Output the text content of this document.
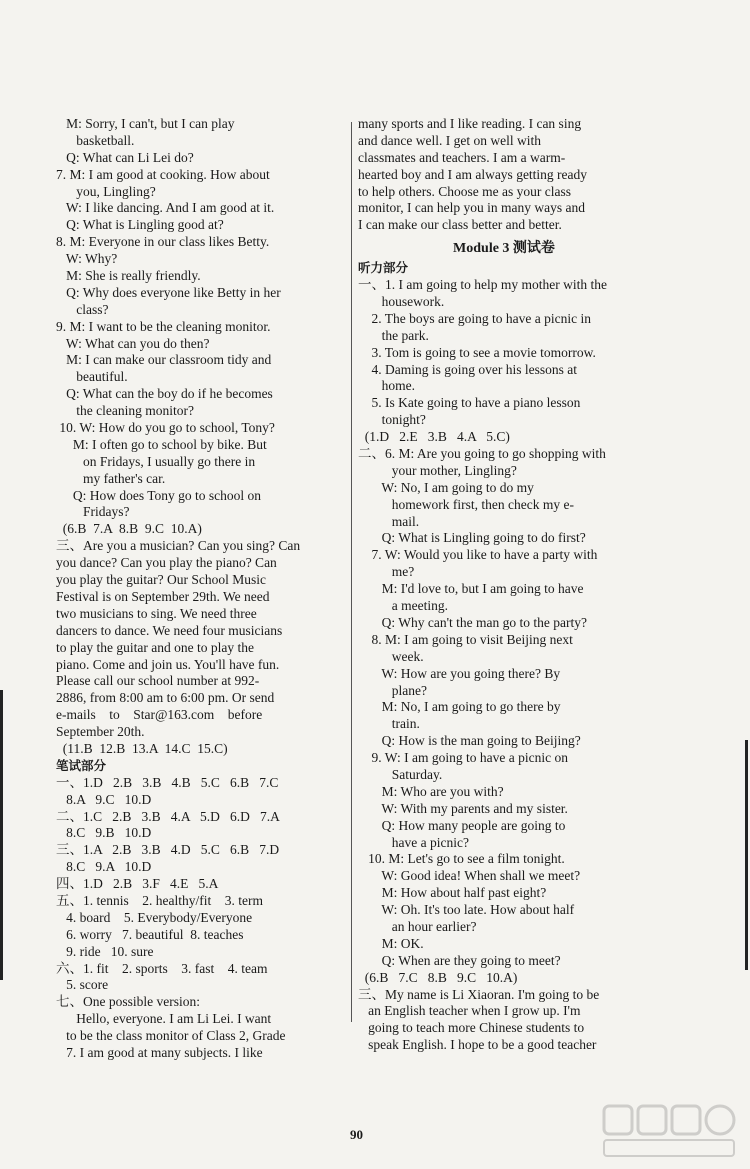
M: Sorry, I can't, but I can play
basketball.
Q: What can Li Lei do?
7. M: I am good at cooking. How about
you, Lingling?
W: I like dancing. And I am good at it.
Q: What is Lingling good at?
8. M: Everyone in our class likes Betty.
W: Why?
M: She is really friendly.
Q: Why does everyone like Betty in her
class?
9. M: I want to be the cleaning monitor.
W: What can you do then?
M: I can make our classroom tidy and
beautiful.
Q: What can the boy do if he becomes
the cleaning monitor?
10. W: How do you go to school, Tony?
M: I often go to school by bike. But
on Fridays, I usually go there in
my father's car.
Q: How does Tony go to school on
Fridays?
(6.B  7.A  8.B  9.C  10.A)
三、Are you a musician? Can you sing? Can
you dance? Can you play the piano? Can
you play the guitar? Our School Music
Festival is on September 29th. We need
two musicians to sing. We need three
dancers to dance. We need four musicians
to play the guitar and one to play the
piano. Come and join us. You'll have fun.
Please call our school number at 992-
2886, from 8:00 am to 6:00 pm. Or send
e-mails    to    Star@163.com    before
September 20th.
(11.B  12.B  13.A  14.C  15.C)
笔试部分
一、1.D   2.B   3.B   4.B   5.C   6.B   7.C
8.A   9.C   10.D
二、1.C   2.B   3.B   4.A   5.D   6.D   7.A
8.C   9.B   10.D
三、1.A   2.B   3.B   4.D   5.C   6.B   7.D
8.C   9.A   10.D
四、1.D   2.B   3.F   4.E   5.A
五、1. tennis    2. healthy/fit    3. term
4. board    5. Everybody/Everyone
6. worry   7. beautiful  8. teaches
9. ride   10. sure
六、1. fit    2. sports    3. fast    4. team
5. score
七、One possible version:
Hello, everyone. I am Li Lei. I want
to be the class monitor of Class 2, Grade
7. I am good at many subjects. I like
many sports and I like reading. I can sing
and dance well. I get on well with
classmates and teachers. I am a warm-
hearted boy and I am always getting ready
to help others. Choose me as your class
monitor, I can help you in many ways and
I can make our class better and better.
Module 3 测试卷
听力部分
一、1. I am going to help my mother with the
housework.
2. The boys are going to have a picnic in
the park.
3. Tom is going to see a movie tomorrow.
4. Daming is going over his lessons at
home.
5. Is Kate going to have a piano lesson
tonight?
(1.D   2.E   3.B   4.A   5.C)
二、6. M: Are you going to go shopping with
your mother, Lingling?
W: No, I am going to do my
homework first, then check my e-
mail.
Q: What is Lingling going to do first?
7. W: Would you like to have a party with
me?
M: I'd love to, but I am going to have
a meeting.
Q: Why can't the man go to the party?
8. M: I am going to visit Beijing next
week.
W: How are you going there? By
plane?
M: No, I am going to go there by
train.
Q: How is the man going to Beijing?
9. W: I am going to have a picnic on
Saturday.
M: Who are you with?
W: With my parents and my sister.
Q: How many people are going to
have a picnic?
10. M: Let's go to see a film tonight.
W: Good idea! When shall we meet?
M: How about half past eight?
W: Oh. It's too late. How about half
an hour earlier?
M: OK.
Q: When are they going to meet?
(6.B   7.C   8.B   9.C   10.A)
三、My name is Li Xiaoran. I'm going to be
an English teacher when I grow up. I'm
going to teach more Chinese students to
speak English. I hope to be a good teacher
90
